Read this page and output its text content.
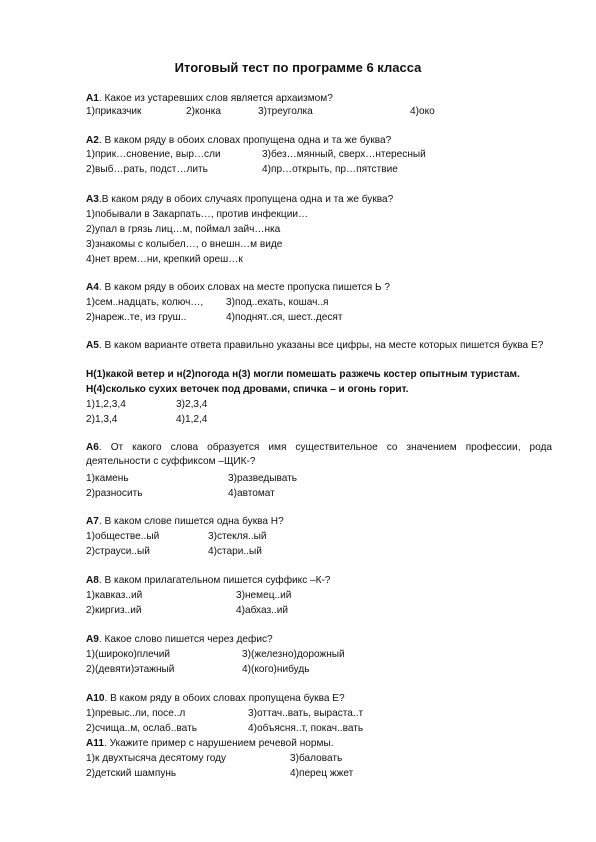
Итоговый тест по программе 6 класса
А1. Какое из устаревших слов является архаизмом?
1)приказчик	2)конка	3)треуголка	4)око
А2. В каком ряду в обоих словах пропущена одна и та же буква?
1)прик…сновение, выр…сли	3)без…мянный, сверх…нтересный
2)выб…рать, подст…лить	4)пр…открыть, пр…пятствие
А3.В каком ряду в обоих случаях пропущена одна и та же буква?
1)побывали в Закарпать…, против инфекции…
2)упал в грязь лиц…м, поймал зайч…нка
3)знакомы с колыбел…, о внешн…м виде
4)нет врем…ни, крепкий ореш…к
А4. В каком ряду в обоих словах на месте пропуска пишется Ь ?
1)сем..надцать, колюч…, 3)под..ехать, кошач..я
2)нареж..те, из груш..	4)поднят..ся, шест..десят
А5. В каком варианте ответа правильно указаны все цифры, на месте которых пишется буква Е?
Н(1)какой ветер и н(2)погода н(3) могли помешать разжечь костер опытным туристам.
Н(4)сколько сухих веточек под дровами, спичка – и огонь горит.
1)1,2,3,4	3)2,3,4
2)1,3,4	4)1,2,4
А6. От какого слова образуется имя существительное со значением профессии, рода деятельности с суффиксом –ЩИК-?
1)камень	3)разведывать
2)разносить	4)автомат
А7. В каком слове пишется одна буква Н?
1)обществе..ый	3)стекля..ый
2)страуси..ый	4)стари..ый
А8. В каком прилагательном пишется суффикс –К-?
1)кавказ..ий	3)немец..ий
2)киргиз..ий	4)абхаз..ий
А9. Какое слово пишется через дефис?
1)(широко)плечий	3)(железно)дорожный
2)(девяти)этажный	4)(кого)нибудь
А10. В каком ряду в обоих словах пропущена буква Е?
1)превыс..ли, посе..л	3)оттач..вать, выраста..т
2)счища..м, ослаб..вать	4)объясня..т, покач..вать
А11. Укажите пример с нарушением речевой нормы.
1)к двухтысяча десятому году	3)баловать
2)детский шампунь	4)перец жжет
